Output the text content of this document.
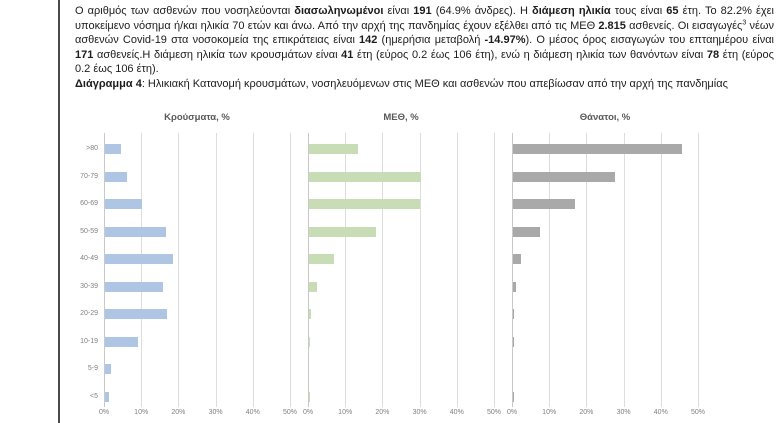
Ο αριθμός των ασθενών που νοσηλεύονται διασωληνωμένοι είναι 191 (64.9% άνδρες). Η διάμεση ηλικία τους είναι 65 έτη. Το 82.2% έχει υποκείμενο νόσημα ή/και ηλικία 70 ετών και άνω. Από την αρχή της πανδημίας έχουν εξέλθει από τις ΜΕΘ 2.815 ασθενείς. Οι εισαγωγές$^3$ νέων ασθενών Covid-19 στα νοσοκομεία της επικράτειας είναι 142 (ημερήσια μεταβολή -14.97%). Ο μέσος όρος εισαγωγών του επταημέρου είναι 171 ασθενείς.Η διάμεση ηλικία των κρουσμάτων είναι 41 έτη (εύρος 0.2 έως 106 έτη), ενώ η διάμεση ηλικία των θανόντων είναι 78 έτη (εύρος 0.2 έως 106 έτη).
Διάγραμμα 4: Ηλικιακή Κατανομή κρουσμάτων, νοσηλευόμενων στις ΜΕΘ και ασθενών που απεβίωσαν από την αρχή της πανδημίας
>80
70-79
60-69
50-59
40-49
30-39
20-29
10-19
5-9
<5
Κρούσματα, %
0%	10%	20%	30%	40%	50%
ΜΕΘ, %
0%	10%	20%	30%	40%	50%
Θάνατοι, %
0%	10%	20%	30%	40%	50%
